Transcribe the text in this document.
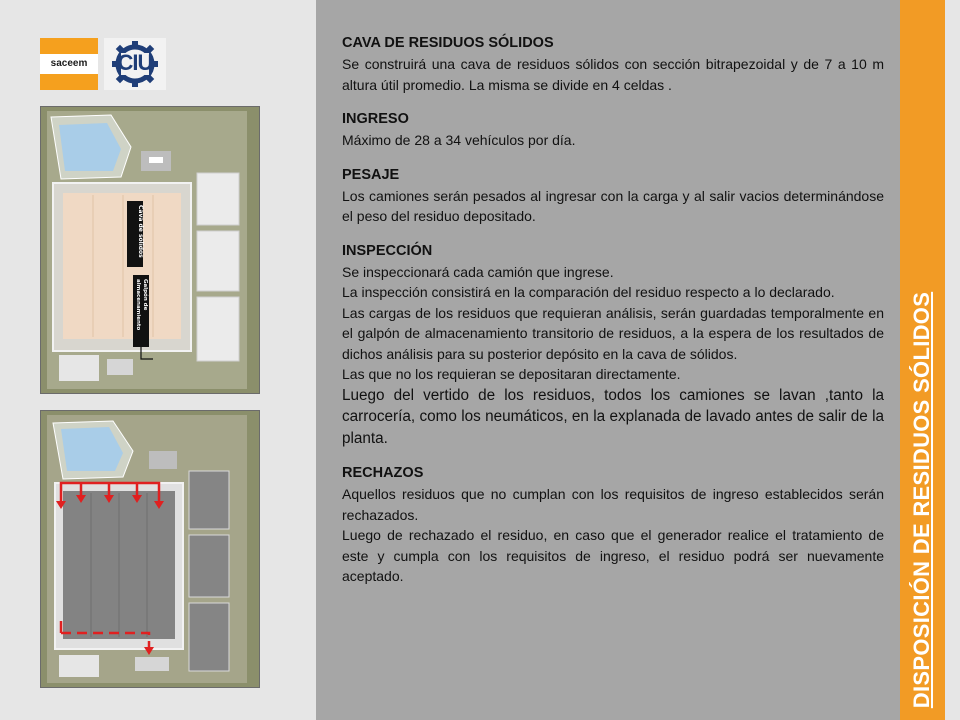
DISPOSICIÓN DE RESIDUOS SÓLIDOS
saceem	CIU
Cava de sólidos
Galpón de
almacenamiento
CAVA DE RESIDUOS SÓLIDOS

Se construirá una cava de residuos sólidos con sección bitrapezoidal y de 7 a 10 m altura útil promedio. La misma se divide en 4 celdas .

INGRESO

Máximo de 28 a 34 vehículos por día.

PESAJE

Los camiones serán pesados al ingresar con la carga y al salir vacios determinándose el peso del residuo depositado.

INSPECCIÓN

Se inspeccionará cada camión que ingrese.

La inspección consistirá en la comparación del residuo respecto a lo declarado.

Las cargas de los residuos que requieran análisis, serán guardadas temporalmente en el galpón de almacenamiento transitorio de residuos, a la espera de los resultados de dichos análisis para su posterior depósito en la cava de sólidos.

Las que no los requieran se depositaran directamente.

Luego del vertido de los residuos, todos los camiones se lavan ,tanto la carrocería, como los neumáticos, en la explanada de lavado antes de salir de la planta.

RECHAZOS

Aquellos residuos que no cumplan con los requisitos de ingreso establecidos serán rechazados.

Luego de rechazado el residuo, en caso que el generador realice el tratamiento de este y cumpla con los requisitos de ingreso, el residuo podrá ser nuevamente aceptado.
